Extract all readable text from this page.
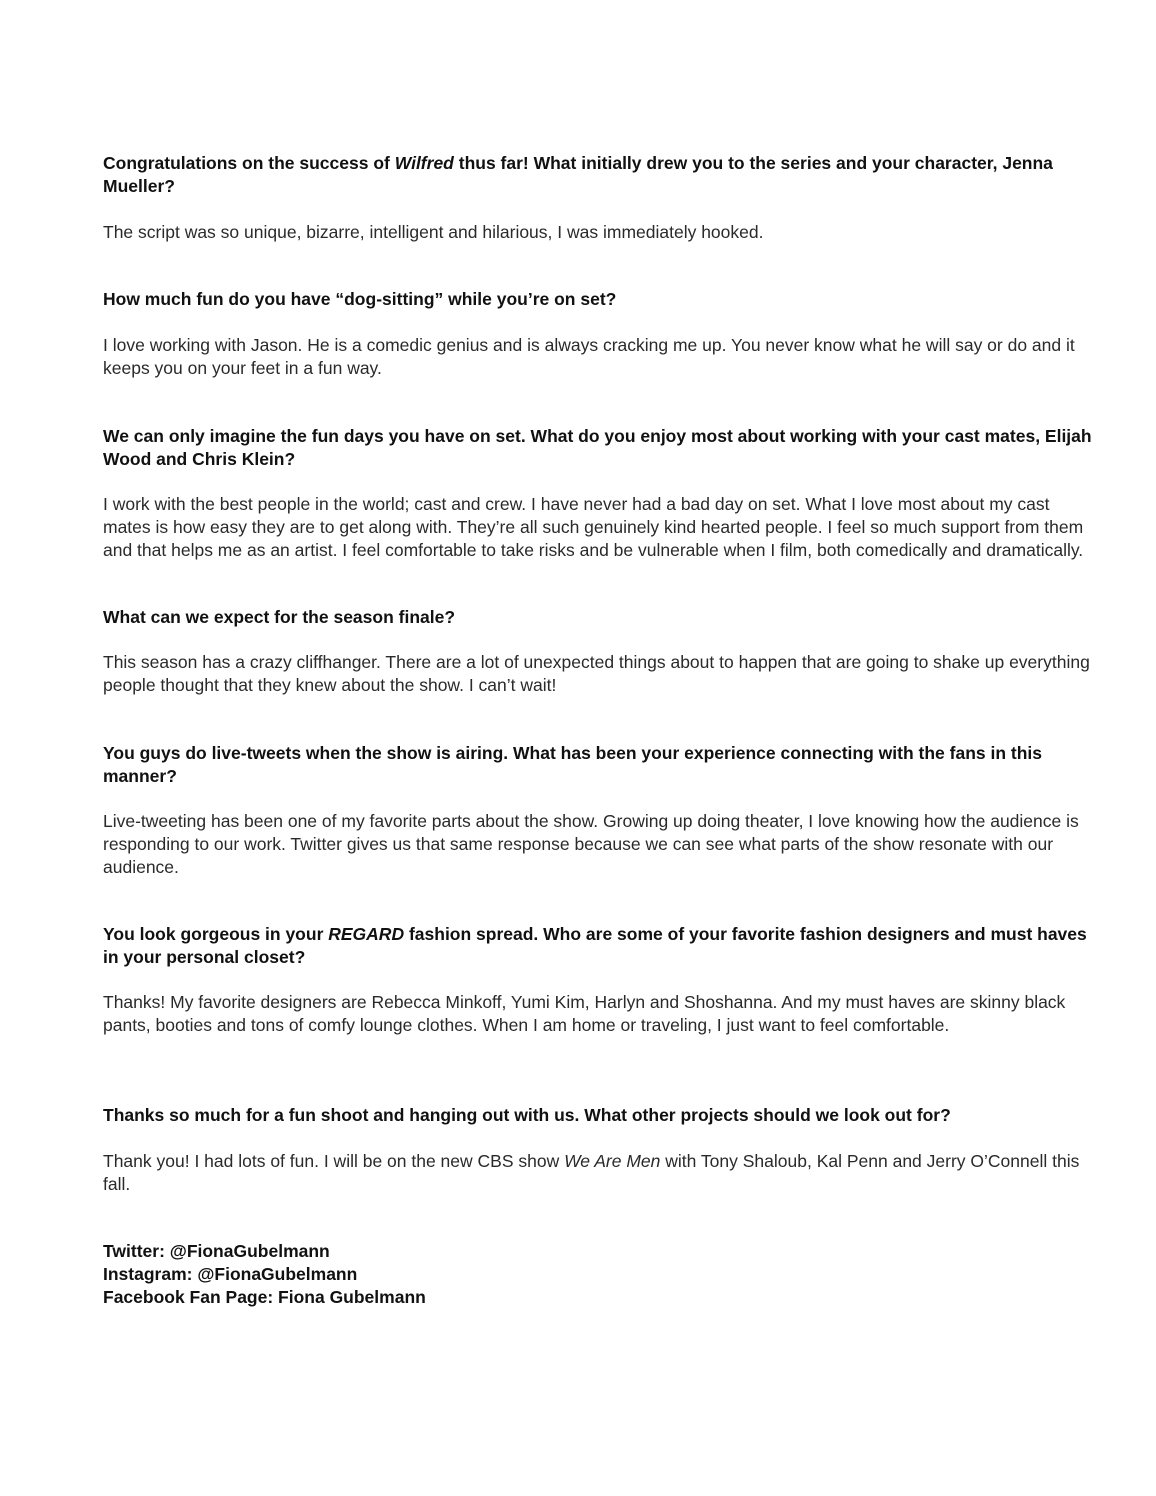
Congratulations on the success of Wilfred thus far! What initially drew you to the series and your character, Jenna Mueller?
The script was so unique, bizarre, intelligent and hilarious, I was immediately hooked.
How much fun do you have “dog-sitting” while you’re on set?
I love working with Jason. He is a comedic genius and is always cracking me up. You never know what he will say or do and it keeps you on your feet in a fun way.
We can only imagine the fun days you have on set. What do you enjoy most about working with your cast mates, Elijah Wood and Chris Klein?
I work with the best people in the world; cast and crew. I have never had a bad day on set. What I love most about my cast mates is how easy they are to get along with. They’re all such genuinely kind hearted people. I feel so much support from them and that helps me as an artist. I feel comfortable to take risks and be vulnerable when I film, both comedically and dramatically.
What can we expect for the season finale?
This season has a crazy cliffhanger. There are a lot of unexpected things about to happen that are going to shake up everything people thought that they knew about the show. I can’t wait!
You guys do live-tweets when the show is airing. What has been your experience connecting with the fans in this manner?
Live-tweeting has been one of my favorite parts about the show. Growing up doing theater, I love knowing how the audience is responding to our work. Twitter gives us that same response because we can see what parts of the show resonate with our audience.
You look gorgeous in your REGARD fashion spread. Who are some of your favorite fashion designers and must haves in your personal closet?
Thanks! My favorite designers are Rebecca Minkoff, Yumi Kim, Harlyn and Shoshanna. And my must haves are skinny black pants, booties and tons of comfy lounge clothes. When I am home or traveling, I just want to feel comfortable.
Thanks so much for a fun shoot and hanging out with us. What other projects should we look out for?
Thank you! I had lots of fun. I will be on the new CBS show We Are Men with Tony Shaloub, Kal Penn and Jerry O’Connell this fall.
Twitter: @FionaGubelmann
Instagram: @FionaGubelmann
Facebook Fan Page: Fiona Gubelmann
